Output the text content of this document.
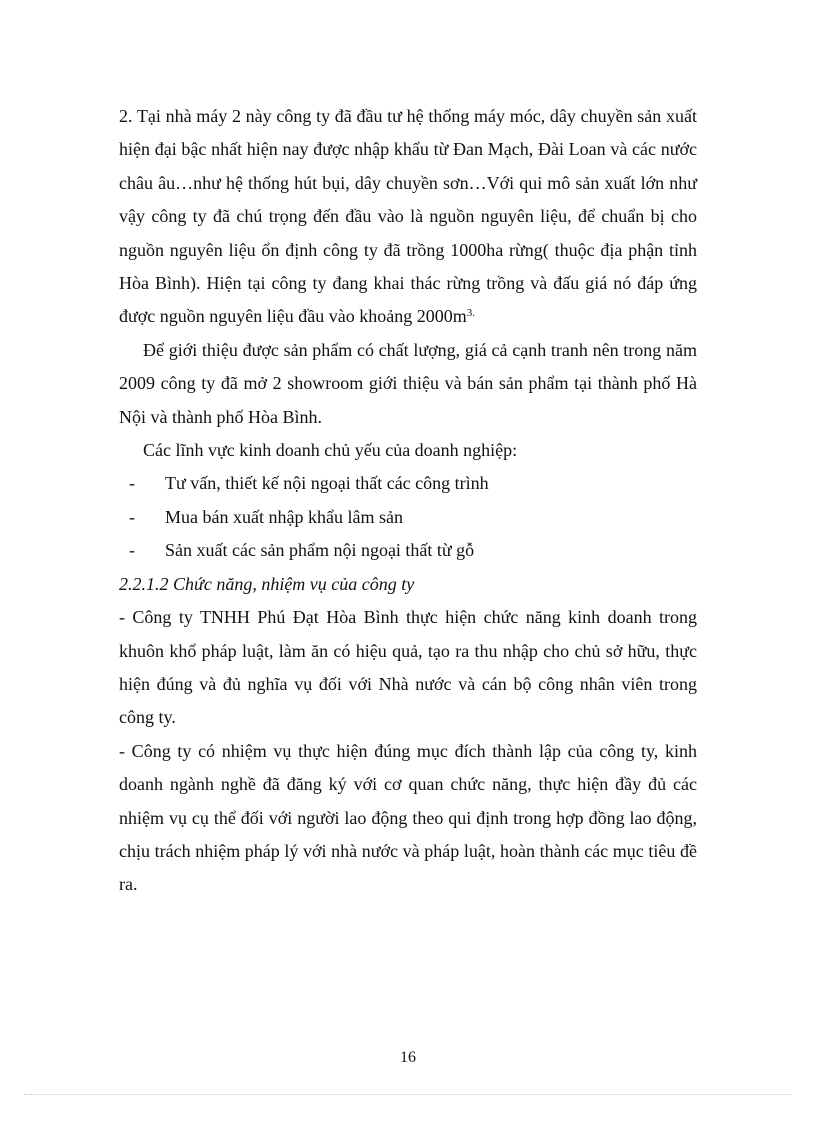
2. Tại nhà máy 2 này công ty đã đầu tư hệ thống máy móc, dây chuyền sản xuất hiện đại bậc nhất hiện nay được nhập khẩu từ Đan Mạch, Đài Loan và các nước châu âu…như hệ thống hút bụi, dây chuyền sơn…Với qui mô sản xuất lớn như vậy công ty đã chú trọng đến đầu vào là nguồn nguyên liệu, để chuẩn bị cho nguồn nguyên liệu ổn định công ty đã trồng 1000ha rừng( thuộc địa phận tỉnh Hòa Bình). Hiện tại công ty đang khai thác rừng trồng và đấu giá nó đáp ứng được nguồn nguyên liệu đầu vào khoảng $2000m^{3.}$

Để giới thiệu được sản phẩm có chất lượng, giá cả cạnh tranh nên trong năm 2009 công ty đã mở 2 showroom giới thiệu và bán sản phẩm tại thành phố Hà Nội và thành phố Hòa Bình.

Các lĩnh vực kinh doanh chủ yếu của doanh nghiệp:

-	Tư vấn, thiết kế nội ngoại thất các công trình
-	Mua bán xuất nhập khẩu lâm sản
-	Sản xuất các sản phẩm nội ngoại thất từ gỗ

2.2.1.2 Chức năng, nhiệm vụ của công ty

- Công ty TNHH Phú Đạt Hòa Bình thực hiện chức năng kinh doanh trong khuôn khổ pháp luật, làm ăn có hiệu quả, tạo ra thu nhập cho chủ sở hữu, thực hiện đúng và đủ nghĩa vụ đối với Nhà nước và cán bộ công nhân viên trong công ty.

- Công ty có nhiệm vụ thực hiện đúng mục đích thành lập của công ty, kinh doanh ngành nghề đã đăng ký với cơ quan chức năng, thực hiện đầy đủ các nhiệm vụ cụ thể đối với người lao động theo qui định trong hợp đồng lao động, chịu trách nhiệm pháp lý với nhà nước và pháp luật, hoàn thành các mục tiêu đề ra.

16
